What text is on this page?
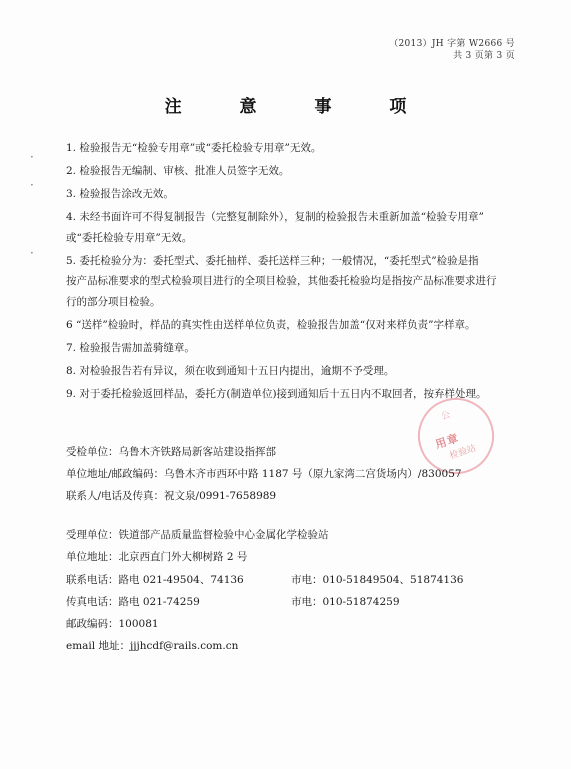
（2013）JH 字第 W2666 号
共 3 页第 3 页
注 意 事 项
·
·
·

1. 检验报告无“检验专用章”或“委托检验专用章”无效。

2. 检验报告无编制、审核、批准人员签字无效。

3. 检验报告涂改无效。

4. 未经书面许可不得复制报告（完整复制除外），复制的检验报告未重新加盖“检验专用章”

或“委托检验专用章”无效。

5. 委托检验分为：委托型式、委托抽样、委托送样三种；一般情况，“委托型式”检验是指

按产品标准要求的型式检验项目进行的全项目检验，其他委托检验均是指按产品标准要求进行

行的部分项目检验。

6 “送样”检验时，样品的真实性由送样单位负责，检验报告加盖“仅对来样负责”字样章。

7. 检验报告需加盖骑缝章。

8. 对检验报告若有异议，须在收到通知十五日内提出，逾期不予受理。

9. 对于委托检验返回样品，委托方(制造单位)接到通知后十五日内不取回者，按弃样处理。

公
用章
检验站

受检单位：乌鲁木齐铁路局新客站建设指挥部

单位地址/邮政编码：乌鲁木齐市西环中路 1187 号（原九家湾二宫货场内）/830057

联系人/电话及传真：祝文泉/0991-7658989

受理单位：铁道部产品质量监督检验中心金属化学检验站
单位地址：北京西直门外大柳树路 2 号
联系电话：路电 021-49504、74136	市电：010-51849504、51874136
传真电话：路电 021-74259	市电：010-51874259
邮政编码：100081
email 地址：jjjhcdf@rails.com.cn
